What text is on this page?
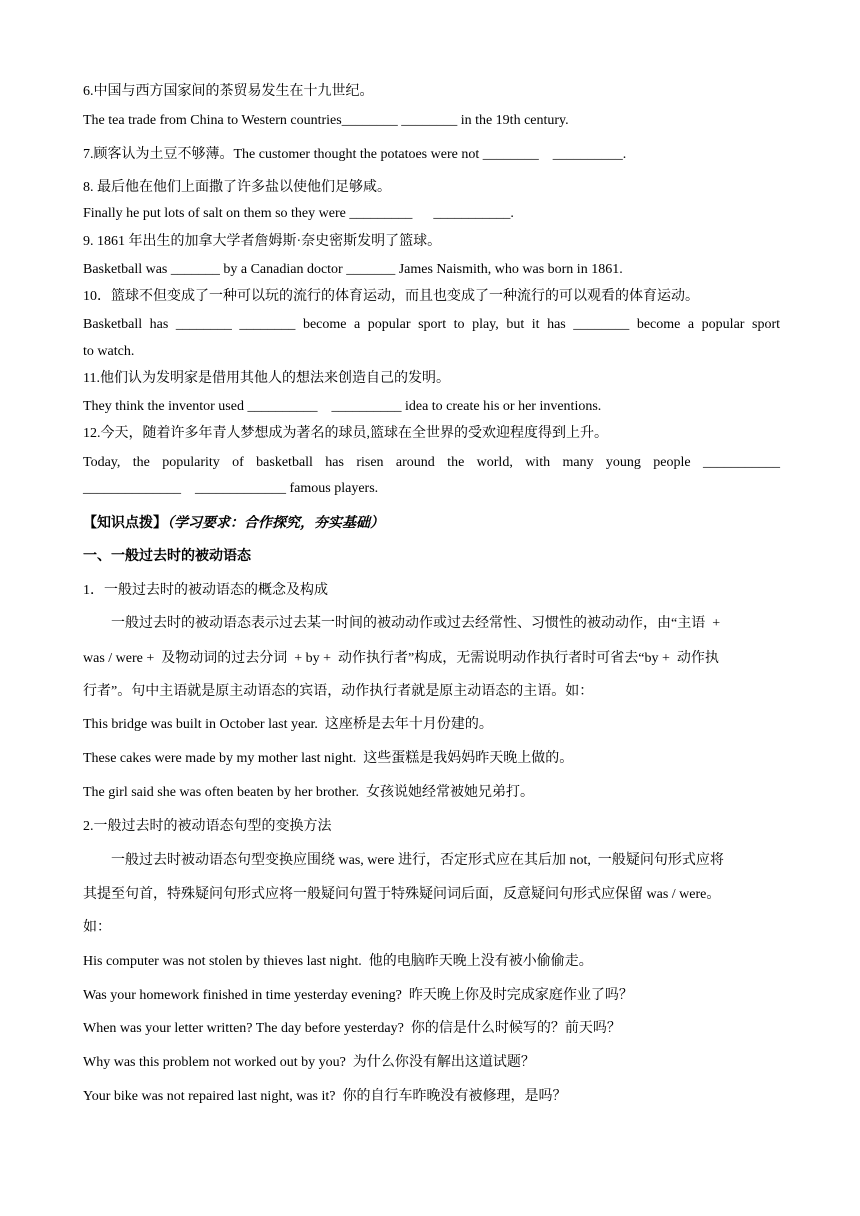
6.中国与西方国家间的茶贸易发生在十九世纪。
The tea trade from China to Western countries________ ________ in the 19th century.
7.顾客认为土豆不够薄。The customer thought the potatoes were not ________    __________.
8. 最后他在他们上面撒了许多盐以使他们足够咸。
Finally he put lots of salt on them so they were _________      ___________.
9. 1861 年出生的加拿大学者詹姆斯·奈史密斯发明了篮球。
Basketball was _______ by a Canadian doctor _______ James Naismith, who was born in 1861.
10．篮球不但变成了一种可以玩的流行的体育运动，而且也变成了一种流行的可以观看的体育运动。
Basketball has ________ ________ become a popular sport to play, but it has ________ become a popular sport
to watch.
11.他们认为发明家是借用其他人的想法来创造自己的发明。
They think the inventor used __________    __________ idea to create his or her inventions.
12.今天，随着许多年青人梦想成为著名的球员,篮球在全世界的受欢迎程度得到上升。
Today, the popularity of basketball has risen around the world, with many young people ___________
______________    _____________ famous players.
【知识点拨】（学习要求：合作探究，夯实基础）
一、一般过去时的被动语态
1．一般过去时的被动语态的概念及构成
一般过去时的被动语态表示过去某一时间的被动动作或过去经常性、习惯性的被动动作，由“主语  +
was / were +  及物动词的过去分词  + by +  动作执行者”构成，无需说明动作执行者时可省去“by +  动作执
行者”。句中主语就是原主动语态的宾语，动作执行者就是原主动语态的主语。如：
This bridge was built in October last year.  这座桥是去年十月份建的。
These cakes were made by my mother last night.  这些蛋糕是我妈妈昨天晚上做的。
The girl said she was often beaten by her brother.  女孩说她经常被她兄弟打。
2.一般过去时的被动语态句型的变换方法
一般过去时被动语态句型变换应围绕 was, were 进行，否定形式应在其后加 not,  一般疑问句形式应将
其提至句首，特殊疑问句形式应将一般疑问句置于特殊疑问词后面，反意疑问句形式应保留 was / were。
如：
His computer was not stolen by thieves last night.  他的电脑昨天晚上没有被小偷偷走。
Was your homework finished in time yesterday evening?  昨天晚上你及时完成家庭作业了吗？
When was your letter written? The day before yesterday?  你的信是什么时候写的？前天吗？
Why was this problem not worked out by you?  为什么你没有解出这道试题？
Your bike was not repaired last night, was it?  你的自行车昨晚没有被修理，是吗？
